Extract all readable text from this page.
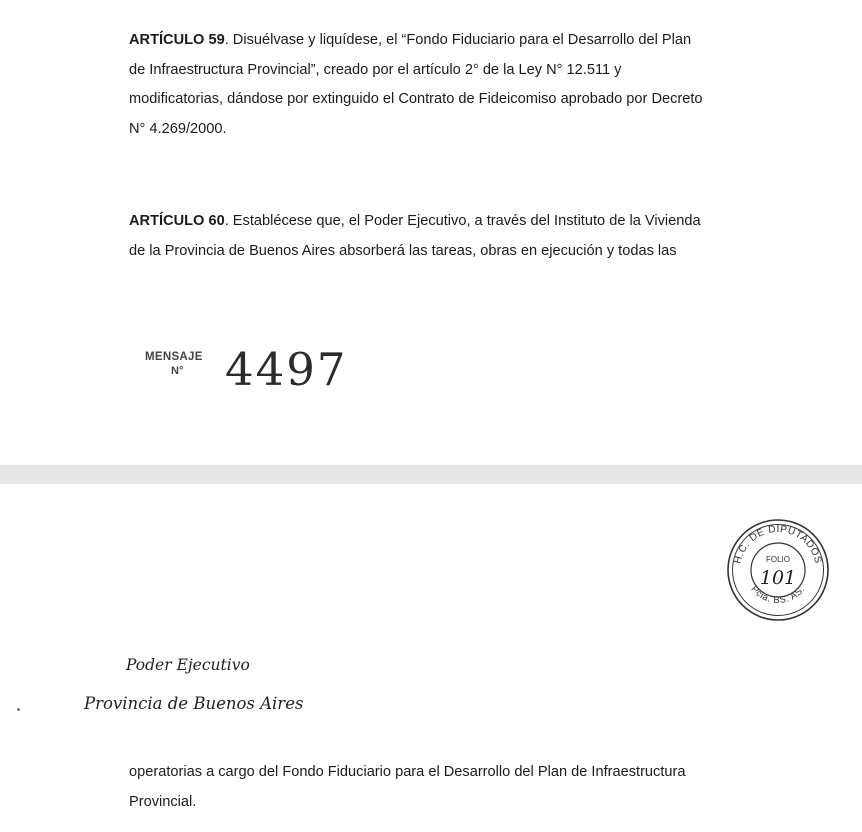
ARTÍCULO 59. Disuélvase y liquídese, el “Fondo Fiduciario para el Desarrollo del Plan
de Infraestructura Provincial”, creado por el artículo 2° de la Ley N° 12.511 y
modificatorias, dándose por extinguido el Contrato de Fideicomiso aprobado por Decreto
N° 4.269/2000.
ARTÍCULO 60. Establécese que, el Poder Ejecutivo, a través del Instituto de la Vivienda
de la Provincia de Buenos Aires absorberá las tareas, obras en ejecución y todas las
MENSAJE
N° 4497
H.C. DE DIPUTADOS
Pcia. BS. AS.
FOLIO
101
Poder Ejecutivo
Provincia de Buenos Aires
operatorias a cargo del Fondo Fiduciario para el Desarrollo del Plan de Infraestructura
Provincial.
